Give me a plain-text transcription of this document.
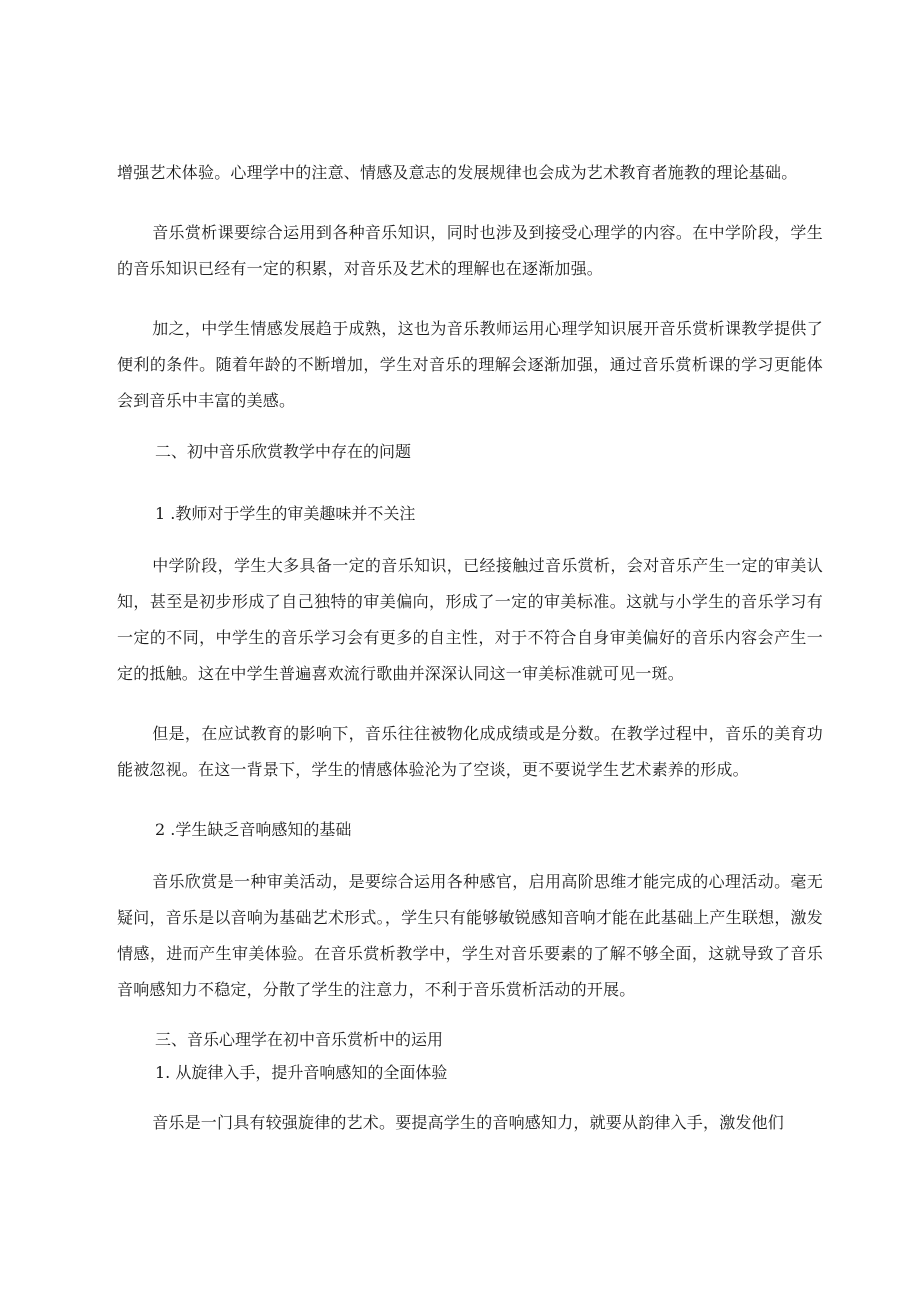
增强艺术体验。心理学中的注意、情感及意志的发展规律也会成为艺术教育者施教的理论基础。

音乐赏析课要综合运用到各种音乐知识，同时也涉及到接受心理学的内容。在中学阶段，学生的音乐知识已经有一定的积累，对音乐及艺术的理解也在逐渐加强。

加之，中学生情感发展趋于成熟，这也为音乐教师运用心理学知识展开音乐赏析课教学提供了便利的条件。随着年龄的不断增加，学生对音乐的理解会逐渐加强，通过音乐赏析课的学习更能体会到音乐中丰富的美感。

二、初中音乐欣赏教学中存在的问题

1 .教师对于学生的审美趣味并不关注

中学阶段，学生大多具备一定的音乐知识，已经接触过音乐赏析，会对音乐产生一定的审美认知，甚至是初步形成了自己独特的审美偏向，形成了一定的审美标准。这就与小学生的音乐学习有一定的不同，中学生的音乐学习会有更多的自主性，对于不符合自身审美偏好的音乐内容会产生一定的抵触。这在中学生普遍喜欢流行歌曲并深深认同这一审美标准就可见一斑。

但是，在应试教育的影响下，音乐往往被物化成成绩或是分数。在教学过程中，音乐的美育功能被忽视。在这一背景下，学生的情感体验沦为了空谈，更不要说学生艺术素养的形成。

2 .学生缺乏音响感知的基础

音乐欣赏是一种审美活动，是要综合运用各种感官，启用高阶思维才能完成的心理活动。毫无疑问，音乐是以音响为基础艺术形式。，学生只有能够敏锐感知音响才能在此基础上产生联想，激发情感，进而产生审美体验。在音乐赏析教学中，学生对音乐要素的了解不够全面，这就导致了音乐音响感知力不稳定，分散了学生的注意力，不利于音乐赏析活动的开展。

三、音乐心理学在初中音乐赏析中的运用

1. 从旋律入手，提升音响感知的全面体验

音乐是一门具有较强旋律的艺术。要提高学生的音响感知力，就要从韵律入手，激发他们
